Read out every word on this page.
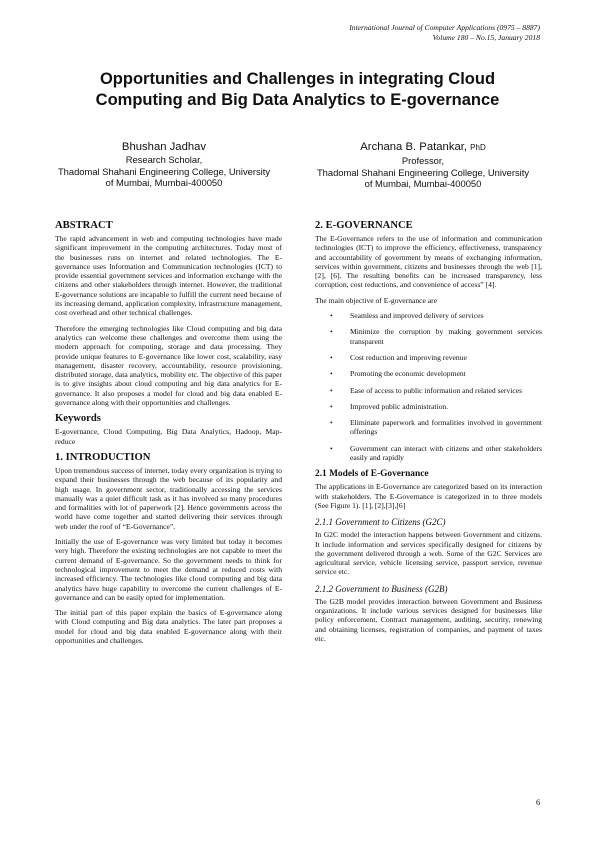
International Journal of Computer Applications (0975 – 8887)
Volume 180 – No.15, January 2018
Opportunities and Challenges in integrating Cloud
Computing and Big Data Analytics to E-governance
Bhushan Jadhav
Research Scholar,
Thadomal Shahani Engineering College, University
of Mumbai, Mumbai-400050
Archana B. Patankar, PhD
Professor,
Thadomal Shahani Engineering College, University
of Mumbai, Mumbai-400050
ABSTRACT

The rapid advancement in web and computing technologies have made significant improvement in the computing architectures. Today most of the businesses runs on internet and related technologies. The E-governance uses Information and Communication technologies (ICT) to provide essential government services and information exchange with the citizens and other stakeholders through internet. However, the traditional E-governance solutions are incapable to fulfill the current need because of its increasing demand, application complexity, infrastructure management, cost overhead and other technical challenges.

Therefore the emerging technologies like Cloud computing and big data analytics can welcome these challenges and overcome them using the modern approach for computing, storage and data processing. They provide unique features to E-governance like lower cost, scalability, easy management, disaster recovery, accountability, resource provisioning, distributed storage, data analytics, mobility etc. The objective of this paper is to give insights about cloud computing and big data analytics for E-governance. It also proposes a model for cloud and big data enabled E-governance along with their opportunities and challenges.

Keywords

E-governance, Cloud Computing, Big Data Analytics, Hadoop, Map-reduce

1. INTRODUCTION

Upon tremendous success of internet, today every organization is trying to expand their businesses through the web because of its popularity and high usage. In government sector, traditionally accessing the services manually was a quiet difficult task as it has involved so many procedures and formalities with lot of paperwork [2]. Hence governments across the world have come together and started delivering their services through web under the roof of “E-Governance”.

Initially the use of E-governance was very limited but today it becomes very high. Therefore the existing technologies are not capable to meet the current demand of E-governance. So the government needs to think for technological improvement to meet the demand at reduced costs with increased efficiency. The technologies like cloud computing and big data analytics have huge capability to overcome the current challenges of E-governance and can be easily opted for implementation.

The initial part of this paper explain the basics of E-governance along with Cloud computing and Big data analytics. The later part proposes a model for cloud and big data enabled E-governance along with their opportunities and challenges.

2. E-GOVERNANCE

The E-Governance refers to the use of information and communication technologies (ICT) to improve the efficiency, effectiveness, transparency and accountability of government by means of exchanging information, services within government, citizens and businesses through the web [1], [2], [6]. The resulting benefits can be increased transparency, less corruption, cost reductions, and convenience of access” [4].

The main objective of E-governance are

• Seamless and improved delivery of services
• Minimize the corruption by making government services transparent
• Cost reduction and improving revenue
• Promoting the economic development
• Ease of access to public information and related services
• Improved public administration.
• Eliminate paperwork and formalities involved in government offerings
• Government can interact with citizens and other stakeholders easily and rapidly
2.1 Models of E-Governance

The applications in E-Governance are categorized based on its interaction with stakeholders. The E-Governance is categorized in to three models (See Figure 1). [1], [2],[3],[6]

2.1.1 Government to Citizens (G2C)

In G2C model the interaction happens between Government and citizens. It include information and services specifically designed for citizens by the government delivered through a web. Some of the G2C Services are agricultural service, vehicle licensing service, passport service, revenue service etc.

2.1.2 Government to Business (G2B)

The G2B model provides interaction between Government and Business organizations. It include various services designed for businesses like policy enforcement, Contract management, auditing, security, renewing and obtaining licenses, registration of companies, and payment of taxes etc.

6
